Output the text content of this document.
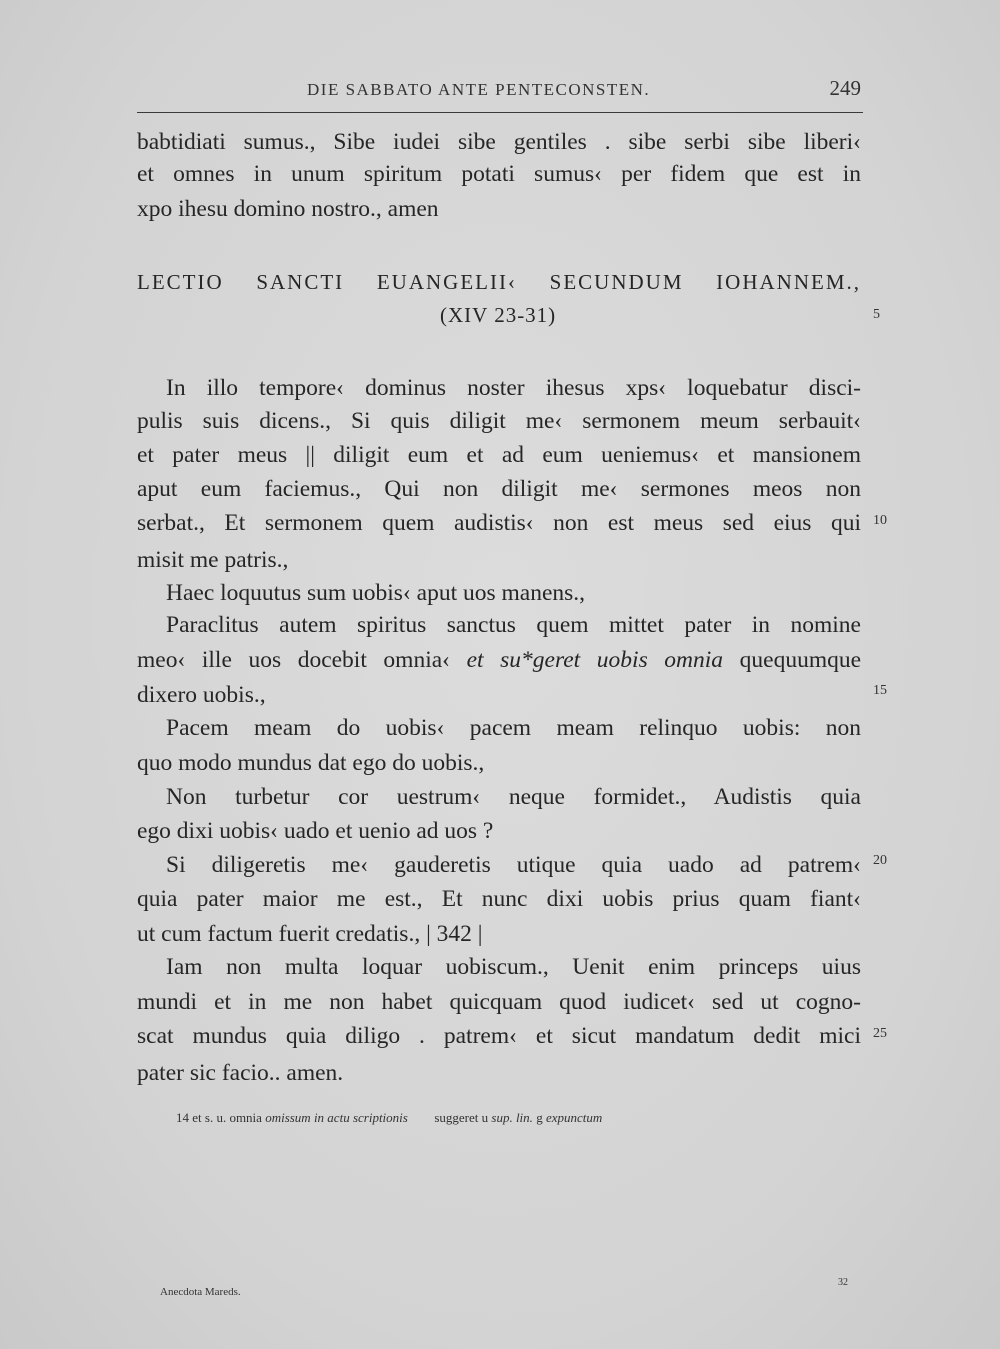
DIE SABBATO ANTE PENTECONSTEN.	249
babtidiati sumus., Sibe iudei sibe gentiles . sibe serbi sibe liberi‹
et omnes in unum spiritum potati sumus‹ per fidem que est in
xpo ihesu domino nostro., amen
LECTIO SANCTI EUANGELII‹ SECUNDUM IOHANNEM.,
(XIV 23-31)
In illo tempore‹ dominus noster ihesus xps‹ loquebatur disci-
pulis suis dicens., Si quis diligit me‹ sermonem meum serbauit‹
et pater meus || diligit eum et ad eum ueniemus‹ et mansionem
aput eum faciemus., Qui non diligit me‹ sermones meos non
serbat., Et sermonem quem audistis‹ non est meus sed eius qui
misit me patris.,
Haec loquutus sum uobis‹ aput uos manens.,
Paraclitus autem spiritus sanctus quem mittet pater in nomine
meo‹ ille uos docebit omnia‹ et su*geret uobis omnia quequumque
dixero uobis.,
Pacem meam do uobis‹ pacem meam relinquo uobis: non
quo modo mundus dat ego do uobis.,
Non turbetur cor uestrum‹ neque formidet., Audistis quia
ego dixi uobis‹ uado et uenio ad uos ?
Si diligeretis me‹ gauderetis utique quia uado ad patrem‹
quia pater maior me est., Et nunc dixi uobis prius quam fiant‹
ut cum factum fuerit credatis., | 342 |
Iam non multa loquar uobiscum., Uenit enim princeps uius
mundi et in me non habet quicquam quod iudicet‹ sed ut cogno-
scat mundus quia diligo . patrem‹ et sicut mandatum dedit mici
pater sic facio.. amen.
5
10
15
20
25
14 et s. u. omnia omissum in actu scriptionis suggeret u sup. lin. g expunctum
Anecdota Mareds.
32
